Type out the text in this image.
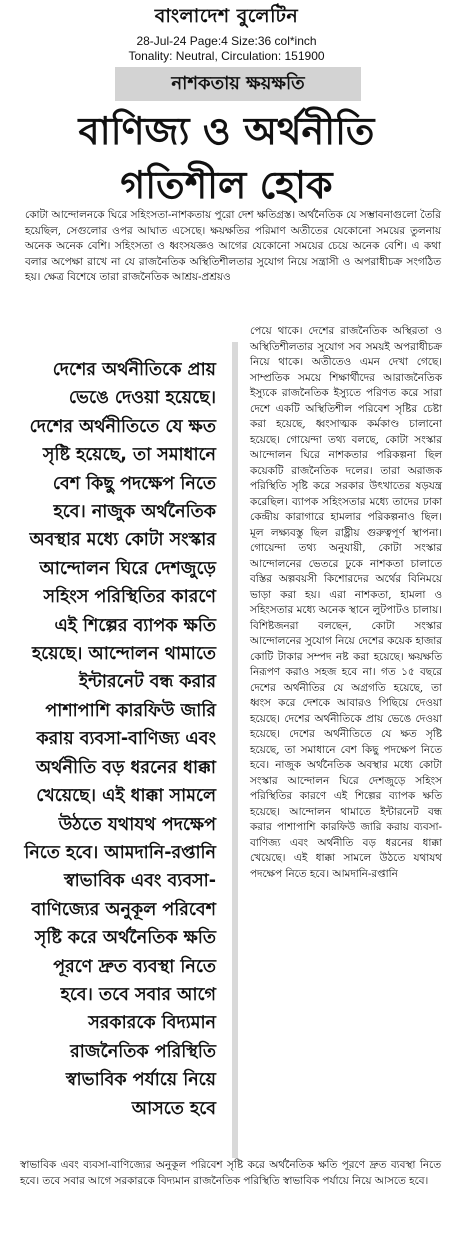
বাংলাদেশ বুলেটিন
28-Jul-24 Page:4 Size:36 col*inch
Tonality: Neutral, Circulation: 151900
নাশকতায় ক্ষয়ক্ষতি
বাণিজ্য ও অর্থনীতি
গতিশীল হোক
কোটা আন্দোলনকে ঘিরে সহিংসতা-নাশকতায় পুরো দেশ ক্ষতিগ্রস্ত। অর্থনৈতিক যে সম্ভাবনাগুলো তৈরি হয়েছিল, সেগুলোর ওপর আঘাত এসেছে। ক্ষয়ক্ষতির পরিমাণ অতীতের যেকোনো সময়ের তুলনায় অনেক অনেক বেশি। সহিংসতা ও ধ্বংসযজ্ঞও আগের যেকোনো সময়ের চেয়ে অনেক বেশি। এ কথা বলার অপেক্ষা রাখে না যে রাজনৈতিক অস্থিতিশীলতার সুযোগ নিয়ে সন্ত্রাসী ও অপরাধীচক্র সংগঠিত হয়। ক্ষেত্র বিশেষে তারা রাজনৈতিক আশ্রয়-প্রশ্রয়ও
দেশের অর্থনীতিকে প্রায় ভেঙে দেওয়া হয়েছে। দেশের অর্থনীতিতে যে ক্ষত সৃষ্টি হয়েছে, তা সমাধানে বেশ কিছু পদক্ষেপ নিতে হবে। নাজুক অর্থনৈতিক অবস্থার মধ্যে কোটা সংস্কার আন্দোলন ঘিরে দেশজুড়ে সহিংস পরিস্থিতির কারণে এই শিল্পের ব্যাপক ক্ষতি হয়েছে। আন্দোলন থামাতে ইন্টারনেট বন্ধ করার পাশাপাশি কারফিউ জারি করায় ব্যবসা-বাণিজ্য এবং অর্থনীতি বড় ধরনের ধাক্কা খেয়েছে। এই ধাক্কা সামলে উঠতে যথাযথ পদক্ষেপ নিতে হবে। আমদানি-রপ্তানি স্বাভাবিক এবং ব্যবসা-বাণিজ্যের অনুকূল পরিবেশ সৃষ্টি করে অর্থনৈতিক ক্ষতি পূরণে দ্রুত ব্যবস্থা নিতে হবে। তবে সবার আগে সরকারকে বিদ্যমান রাজনৈতিক পরিস্থিতি স্বাভাবিক পর্যায়ে নিয়ে আসতে হবে
পেয়ে থাকে। দেশের রাজনৈতিক অস্থিরতা ও অস্থিতিশীলতার সুযোগ সব সময়ই অপরাধীচক্র নিয়ে থাকে। অতীতেও এমন দেখা গেছে। সাম্প্রতিক সময়ে শিক্ষার্থীদের আরাজনৈতিক ইস্যুকে রাজনৈতিক ইস্যুতে পরিণত করে সারা দেশে একটি অস্থিতিশীল পরিবেশ সৃষ্টির চেষ্টা করা হয়েছে, ধ্বংসাত্মক কর্মকাণ্ড চালানো হয়েছে। গোয়েন্দা তথ্য বলছে, কোটা সংস্কার আন্দোলন ঘিরে নাশকতার পরিকল্পনা ছিল কয়েকটি রাজনৈতিক দলের। তারা অরাজক পরিস্থিতি সৃষ্টি করে সরকার উৎখাতের ষড়যন্ত্র করেছিল। ব্যাপক সহিংসতার মধ্যে তাদের ঢাকা কেন্দ্রীয় কারাগারে হামলার পরিকল্পনাও ছিল। মূল লক্ষ্যবস্তু ছিল রাষ্ট্রীয় গুরুত্বপূর্ণ স্থাপনা। গোয়েন্দা তথ্য অনুযায়ী, কোটা সংস্কার আন্দোলনের ভেতরে ঢুকে নাশকতা চালাতে বস্তির অল্পবয়সী কিশোরদের অর্থের বিনিময়ে ভাড়া করা হয়। এরা নাশকতা, হামলা ও সহিংসতার মধ্যে অনেক স্থানে লুটপাটও চালায়। বিশিষ্টজনরা বলছেন, কোটা সংস্কার আন্দোলনের সুযোগ নিয়ে দেশের কয়েক হাজার কোটি টাকার সম্পদ নষ্ট করা হয়েছে। ক্ষয়ক্ষতি নিরূপণ করাও সহজ হবে না। গত ১৫ বছরে দেশের অর্থনীতির যে অগ্রগতি হয়েছে, তা ধ্বংস করে দেশকে আবারও পিছিয়ে দেওয়া হয়েছে। দেশের অর্থনীতিকে প্রায় ভেঙে দেওয়া হয়েছে। দেশের অর্থনীতিতে যে ক্ষত সৃষ্টি হয়েছে, তা সমাধানে বেশ কিছু পদক্ষেপ নিতে হবে। নাজুক অর্থনৈতিক অবস্থার মধ্যে কোটা সংস্কার আন্দোলন ঘিরে দেশজুড়ে সহিংস পরিস্থিতির কারণে এই শিল্পের ব্যাপক ক্ষতি হয়েছে। আন্দোলন থামাতে ইন্টারনেট বন্ধ করার পাশাপাশি কারফিউ জারি করায় ব্যবসা-বাণিজ্য এবং অর্থনীতি বড় ধরনের ধাক্কা খেয়েছে। এই ধাক্কা সামলে উঠতে যথাযথ পদক্ষেপ নিতে হবে। আমদানি-রপ্তানি
স্বাভাবিক এবং ব্যবসা-বাণিজ্যের অনুকূল পরিবেশ সৃষ্টি করে অর্থনৈতিক ক্ষতি পূরণে দ্রুত ব্যবস্থা নিতে হবে। তবে সবার আগে সরকারকে বিদ্যমান রাজনৈতিক পরিস্থিতি স্বাভাবিক পর্যায়ে নিয়ে আসতে হবে।
